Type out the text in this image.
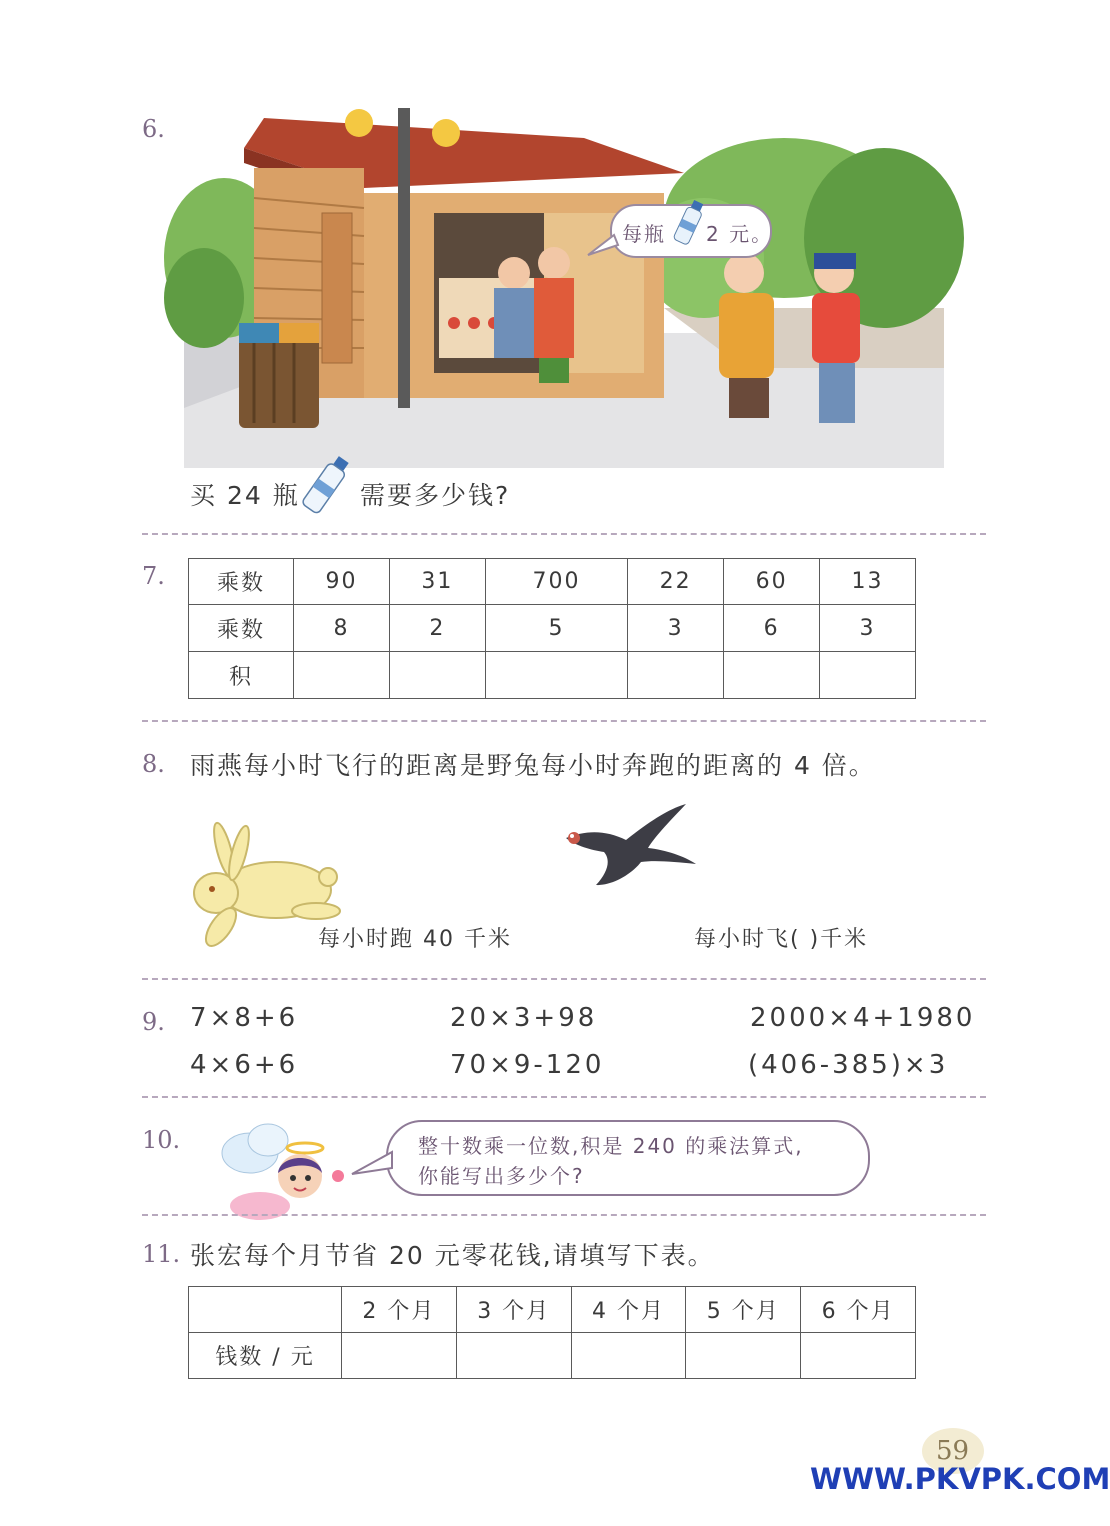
6.
每瓶 2 元。
买 24 瓶 需要多少钱?
7. 乘数	90	31	700	22	60	13
乘数	8	2	5	3	6	3
积						
8. 雨燕每小时飞行的距离是野兔每小时奔跑的距离的 4 倍。
每小时跑 40 千米	每小时飞( )千米
9. 7×8+6	20×3+98	2000×4+1980
4×6+6	70×9-120	(406-385)×3
10.	整十数乘一位数,积是 240 的乘法算式,
你能写出多少个?
11. 张宏每个月节省 20 元零花钱,请填写下表。
	2 个月	3 个月	4 个月	5 个月	6 个月
钱数 / 元					
59
WWW.PKVPK.COM
